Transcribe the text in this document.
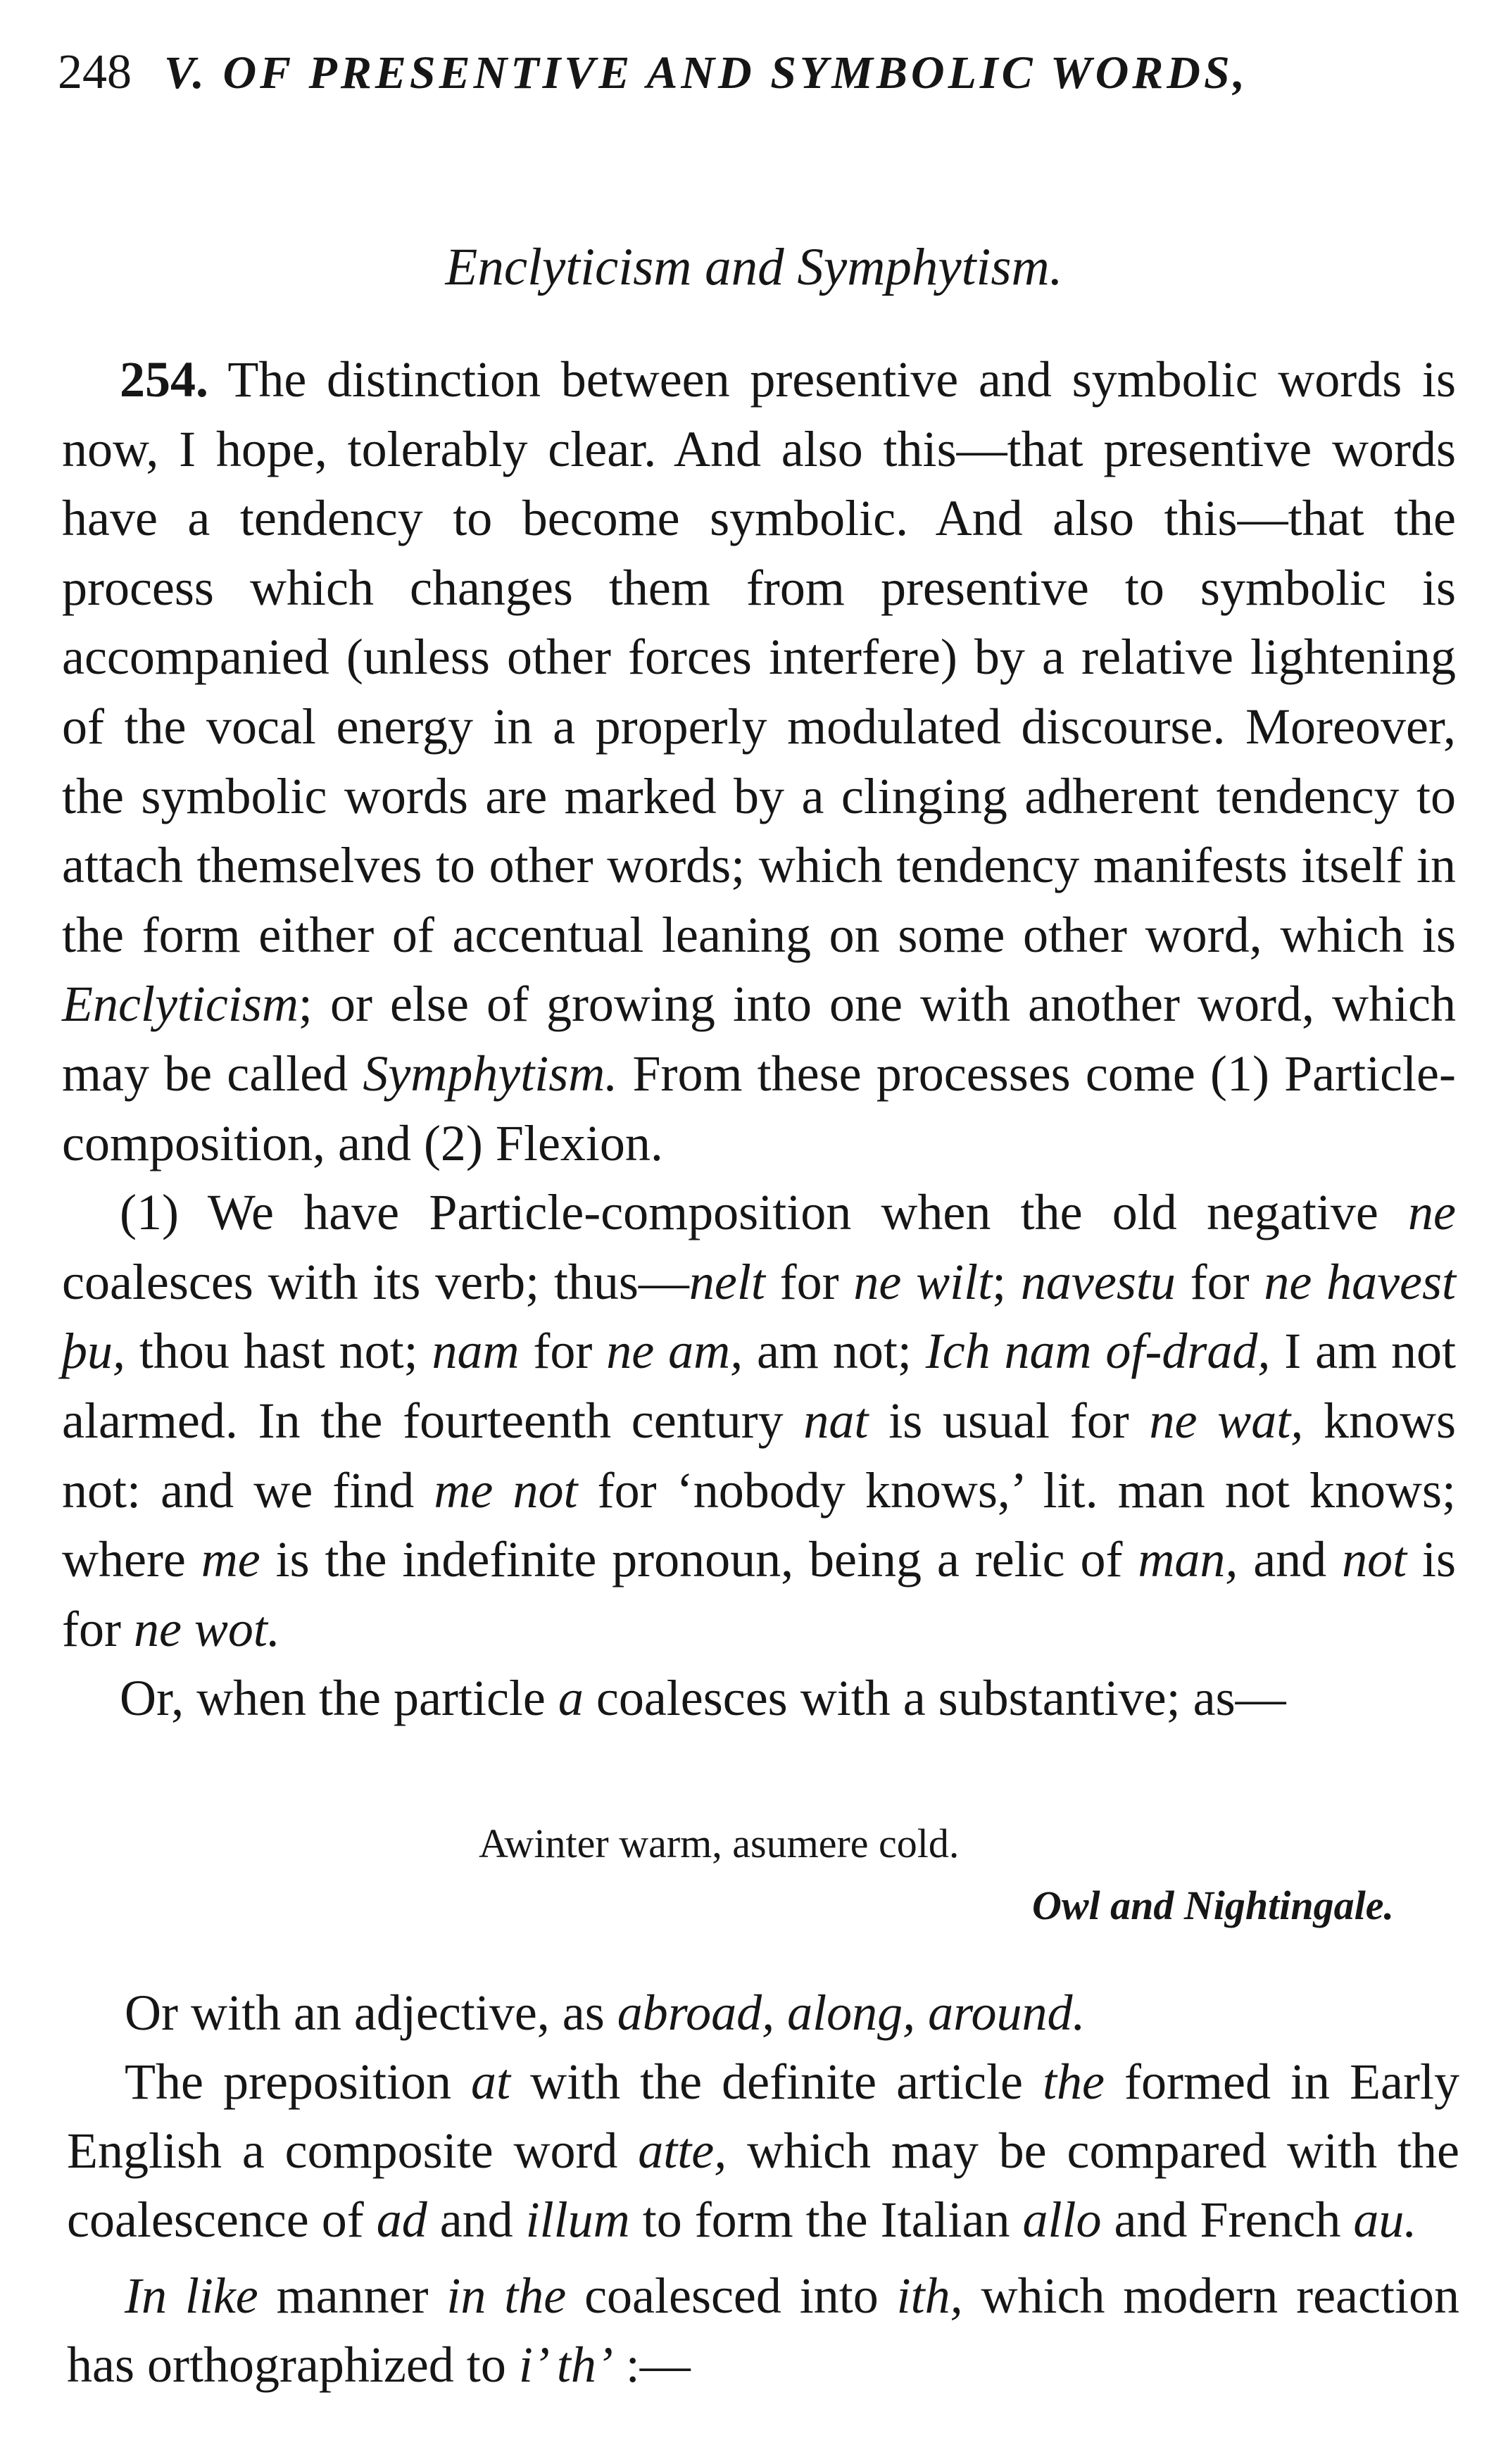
248 V. OF PRESENTIVE AND SYMBOLIC WORDS,
Enclyticism and Symphytism.

254. The distinction between presentive and symbolic words is now, I hope, tolerably clear. And also this—that presentive words have a tendency to become symbolic. And also this—that the process which changes them from presentive to symbolic is accompanied (unless other forces interfere) by a relative lightening of the vocal energy in a properly modulated discourse. Moreover, the symbolic words are marked by a clinging adherent tendency to attach themselves to other words; which tendency manifests itself in the form either of accentual leaning on some other word, which is Enclyticism; or else of growing into one with another word, which may be called Symphytism. From these processes come (1) Particle-composition, and (2) Flexion.

(1) We have Particle-composition when the old negative ne coalesces with its verb; thus—nelt for ne wilt; navestu for ne havest þu, thou hast not; nam for ne am, am not; Ich nam of-drad, I am not alarmed. In the fourteenth century nat is usual for ne wat, knows not: and we find me not for ‘nobody knows,’ lit. man not knows; where me is the indefinite pronoun, being a relic of man, and not is for ne wot.

Or, when the particle a coalesces with a substantive; as—

Awinter warm, asumere cold.
Owl and Nightingale.

Or with an adjective, as abroad, along, around.

The preposition at with the definite article the formed in Early English a composite word atte, which may be compared with the coalescence of ad and illum to form the Italian allo and French au.

In like manner in the coalesced into ith, which modern reaction has orthographized to i’ th’ :—
